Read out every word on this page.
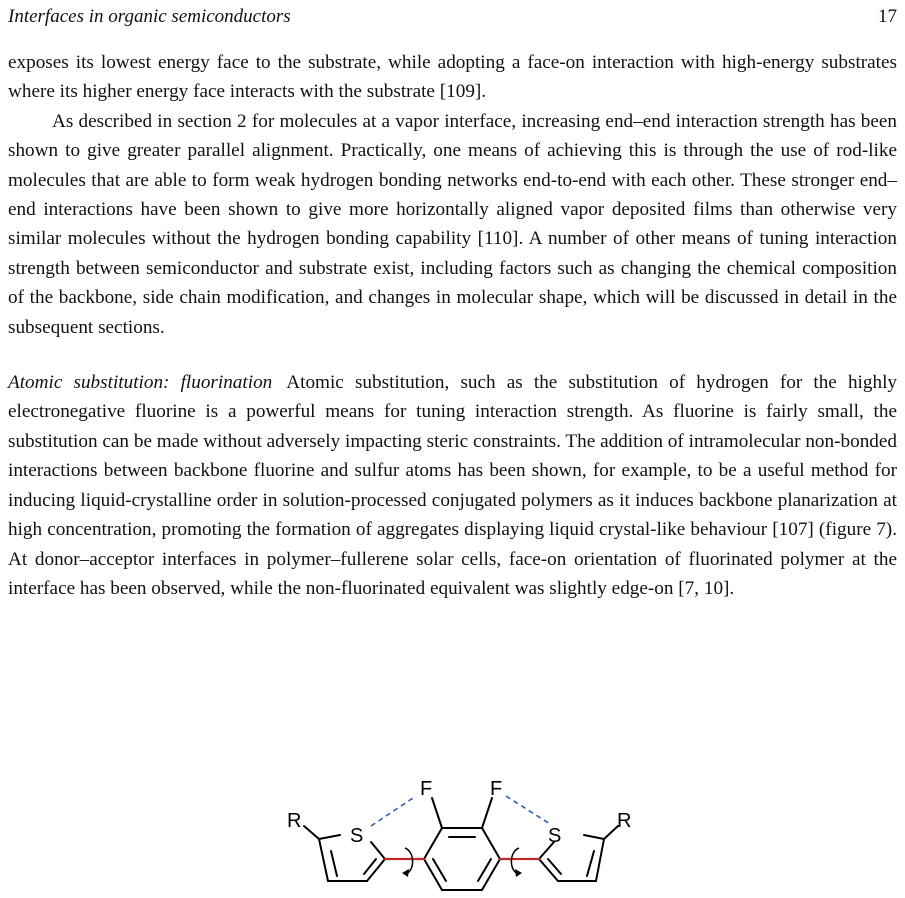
Interfaces in organic semiconductors	17

exposes its lowest energy face to the substrate, while adopting a face-on interaction with high-energy substrates where its higher energy face interacts with the substrate [109].

As described in section 2 for molecules at a vapor interface, increasing end–end interaction strength has been shown to give greater parallel alignment. Practically, one means of achieving this is through the use of rod-like molecules that are able to form weak hydrogen bonding networks end-to-end with each other. These stronger end–end interactions have been shown to give more horizontally aligned vapor deposited films than otherwise very similar molecules without the hydrogen bonding capability [110]. A number of other means of tuning interaction strength between semiconductor and substrate exist, including factors such as changing the chemical composition of the backbone, side chain modification, and changes in molecular shape, which will be discussed in detail in the subsequent sections.

Atomic substitution: fluorination Atomic substitution, such as the substitution of hydrogen for the highly electronegative fluorine is a powerful means for tuning interaction strength. As fluorine is fairly small, the substitution can be made without adversely impacting steric constraints. The addition of intramolecular non-bonded interactions between backbone fluorine and sulfur atoms has been shown, for example, to be a useful method for inducing liquid-crystalline order in solution-processed conjugated polymers as it induces backbone planarization at high concentration, promoting the formation of aggregates displaying liquid crystal-like behaviour [107] (figure 7). At donor–acceptor interfaces in polymer–fullerene solar cells, face-on orientation of fluorinated polymer at the interface has been observed, while the non-fluorinated equivalent was slightly edge-on [7, 10].

R
S
F	F
S
R
